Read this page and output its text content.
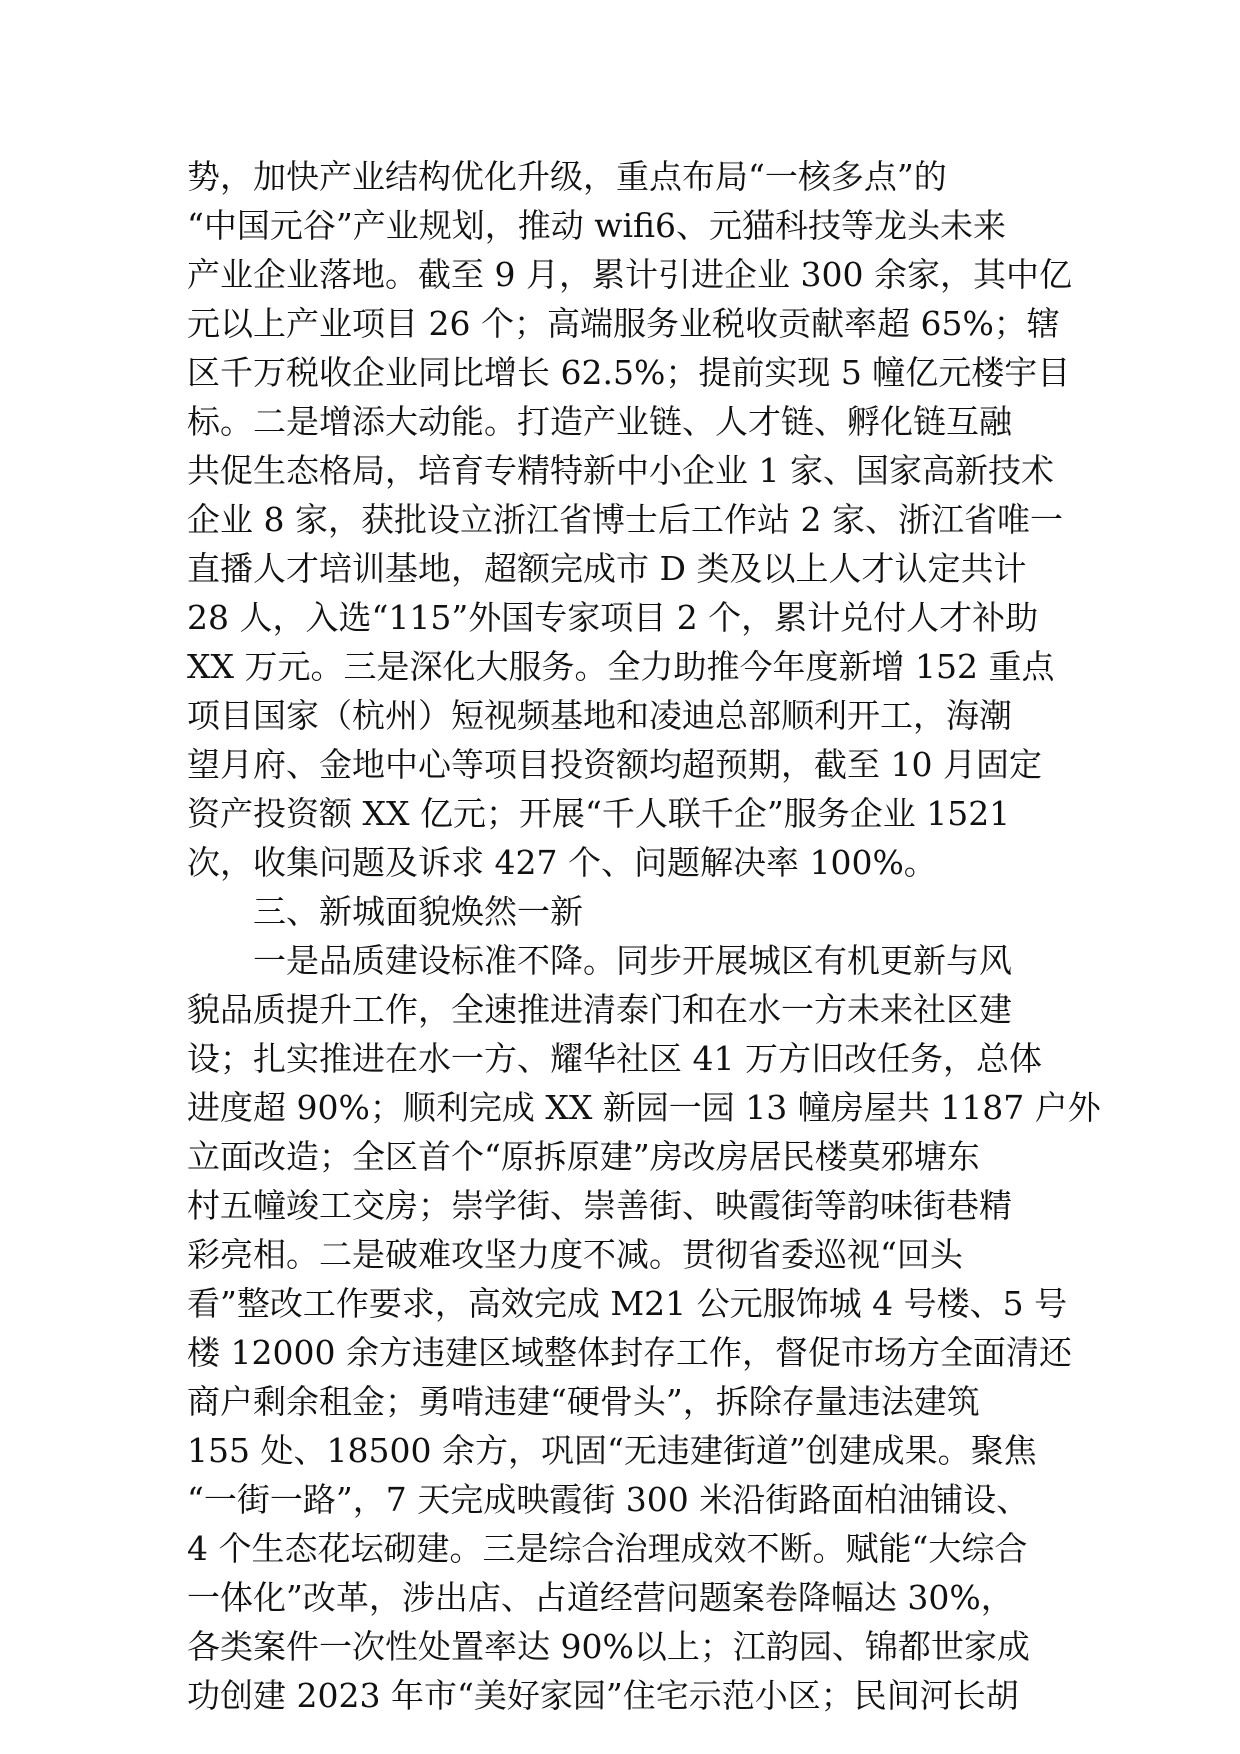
势，加快产业结构优化升级，重点布局“一核多点”的
“中国元谷”产业规划，推动 wifi6、元猫科技等龙头未来
产业企业落地。截至 9 月，累计引进企业 300 余家，其中亿
元以上产业项目 26 个；高端服务业税收贡献率超 65%；辖
区千万税收企业同比增长 62.5%；提前实现 5 幢亿元楼宇目
标。二是增添大动能。打造产业链、人才链、孵化链互融
共促生态格局，培育专精特新中小企业 1 家、国家高新技术
企业 8 家，获批设立浙江省博士后工作站 2 家、浙江省唯一
直播人才培训基地，超额完成市 D 类及以上人才认定共计
28 人，入选“115”外国专家项目 2 个，累计兑付人才补助
XX 万元。三是深化大服务。全力助推今年度新增 152 重点
项目国家（杭州）短视频基地和凌迪总部顺利开工，海潮
望月府、金地中心等项目投资额均超预期，截至 10 月固定
资产投资额 XX 亿元；开展“千人联千企”服务企业 1521
次，收集问题及诉求 427 个、问题解决率 100%。
三、新城面貌焕然一新
一是品质建设标准不降。同步开展城区有机更新与风
貌品质提升工作，全速推进清泰门和在水一方未来社区建
设；扎实推进在水一方、耀华社区 41 万方旧改任务，总体
进度超 90%；顺利完成 XX 新园一园 13 幢房屋共 1187 户外
立面改造；全区首个“原拆原建”房改房居民楼莫邪塘东
村五幢竣工交房；崇学街、崇善街、映霞街等韵味街巷精
彩亮相。二是破难攻坚力度不减。贯彻省委巡视“回头
看”整改工作要求，高效完成 M21 公元服饰城 4 号楼、5 号
楼 12000 余方违建区域整体封存工作，督促市场方全面清还
商户剩余租金；勇啃违建“硬骨头”，拆除存量违法建筑
155 处、18500 余方，巩固“无违建街道”创建成果。聚焦
“一街一路”，7 天完成映霞街 300 米沿街路面柏油铺设、
4 个生态花坛砌建。三是综合治理成效不断。赋能“大综合
一体化”改革，涉出店、占道经营问题案卷降幅达 30%，
各类案件一次性处置率达 90%以上；江韵园、锦都世家成
功创建 2023 年市“美好家园”住宅示范小区；民间河长胡
